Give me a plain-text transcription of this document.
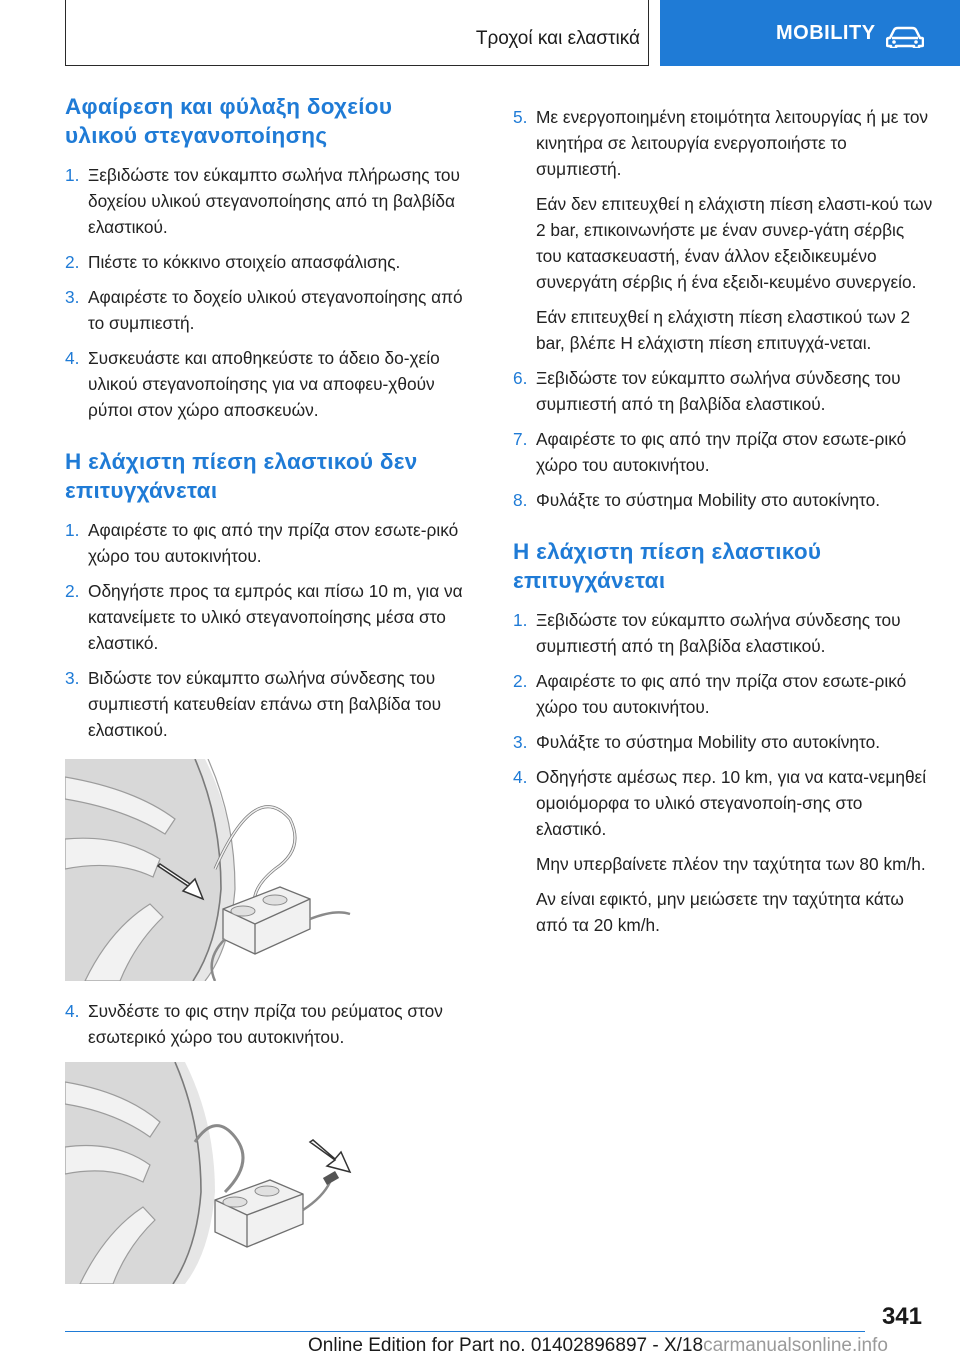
Τροχοί και ελαστικά	MOBILITY
Αφαίρεση και φύλαξη δοχείου
υλικού στεγανοποίησης
1. Ξεβιδώστε τον εύκαμπτο σωλήνα πλήρωσης του δοχείου υλικού στεγανοποίησης από τη βαλβίδα ελαστικού.
2. Πιέστε το κόκκινο στοιχείο απασφάλισης.
3. Αφαιρέστε το δοχείο υλικού στεγανοποίησης από το συμπιεστή.
4. Συσκευάστε και αποθηκεύστε το άδειο δο‐χείο υλικού στεγανοποίησης για να αποφευ‐χθούν ρύποι στον χώρο αποσκευών.
Η ελάχιστη πίεση ελαστικού δεν
επιτυγχάνεται
1. Αφαιρέστε το φις από την πρίζα στον εσωτε‐ρικό χώρο του αυτοκινήτου.
2. Οδηγήστε προς τα εμπρός και πίσω 10 m, για να κατανείμετε το υλικό στεγανοποίησης μέσα στο ελαστικό.
3. Βιδώστε τον εύκαμπτο σωλήνα σύνδεσης του συμπιεστή κατευθείαν επάνω στη βαλβίδα του ελαστικού.
4. Συνδέστε το φις στην πρίζα του ρεύματος στον εσωτερικό χώρο του αυτοκινήτου.
5. Με ενεργοποιημένη ετοιμότητα λειτουργίας ή με τον κινητήρα σε λειτουργία ενεργοποιήστε το συμπιεστή.
Εάν δεν επιτευχθεί η ελάχιστη πίεση ελαστι‐κού των 2 bar, επικοινωνήστε με έναν συνερ‐γάτη σέρβις του κατασκευαστή, έναν άλλον εξειδικευμένο συνεργάτη σέρβις ή ένα εξειδι‐κευμένο συνεργείο.
Εάν επιτευχθεί η ελάχιστη πίεση ελαστικού των 2 bar, βλέπε Η ελάχιστη πίεση επιτυγχά‐νεται.
6. Ξεβιδώστε τον εύκαμπτο σωλήνα σύνδεσης του συμπιεστή από τη βαλβίδα ελαστικού.
7. Αφαιρέστε το φις από την πρίζα στον εσωτε‐ρικό χώρο του αυτοκινήτου.
8. Φυλάξτε το σύστημα Mobility στο αυτοκίνητο.
Η ελάχιστη πίεση ελαστικού
επιτυγχάνεται
1. Ξεβιδώστε τον εύκαμπτο σωλήνα σύνδεσης του συμπιεστή από τη βαλβίδα ελαστικού.
2. Αφαιρέστε το φις από την πρίζα στον εσωτε‐ρικό χώρο του αυτοκινήτου.
3. Φυλάξτε το σύστημα Mobility στο αυτοκίνητο.
4. Οδηγήστε αμέσως περ. 10 km, για να κατα‐νεμηθεί ομοιόμορφα το υλικό στεγανοποίη‐σης στο ελαστικό.
Μην υπερβαίνετε πλέον την ταχύτητα των 80 km/h.
Αν είναι εφικτό, μην μειώσετε την ταχύτητα κάτω από τα 20 km/h.
341
Online Edition for Part no. 01402896897 - X/18carmanualsonline.info
